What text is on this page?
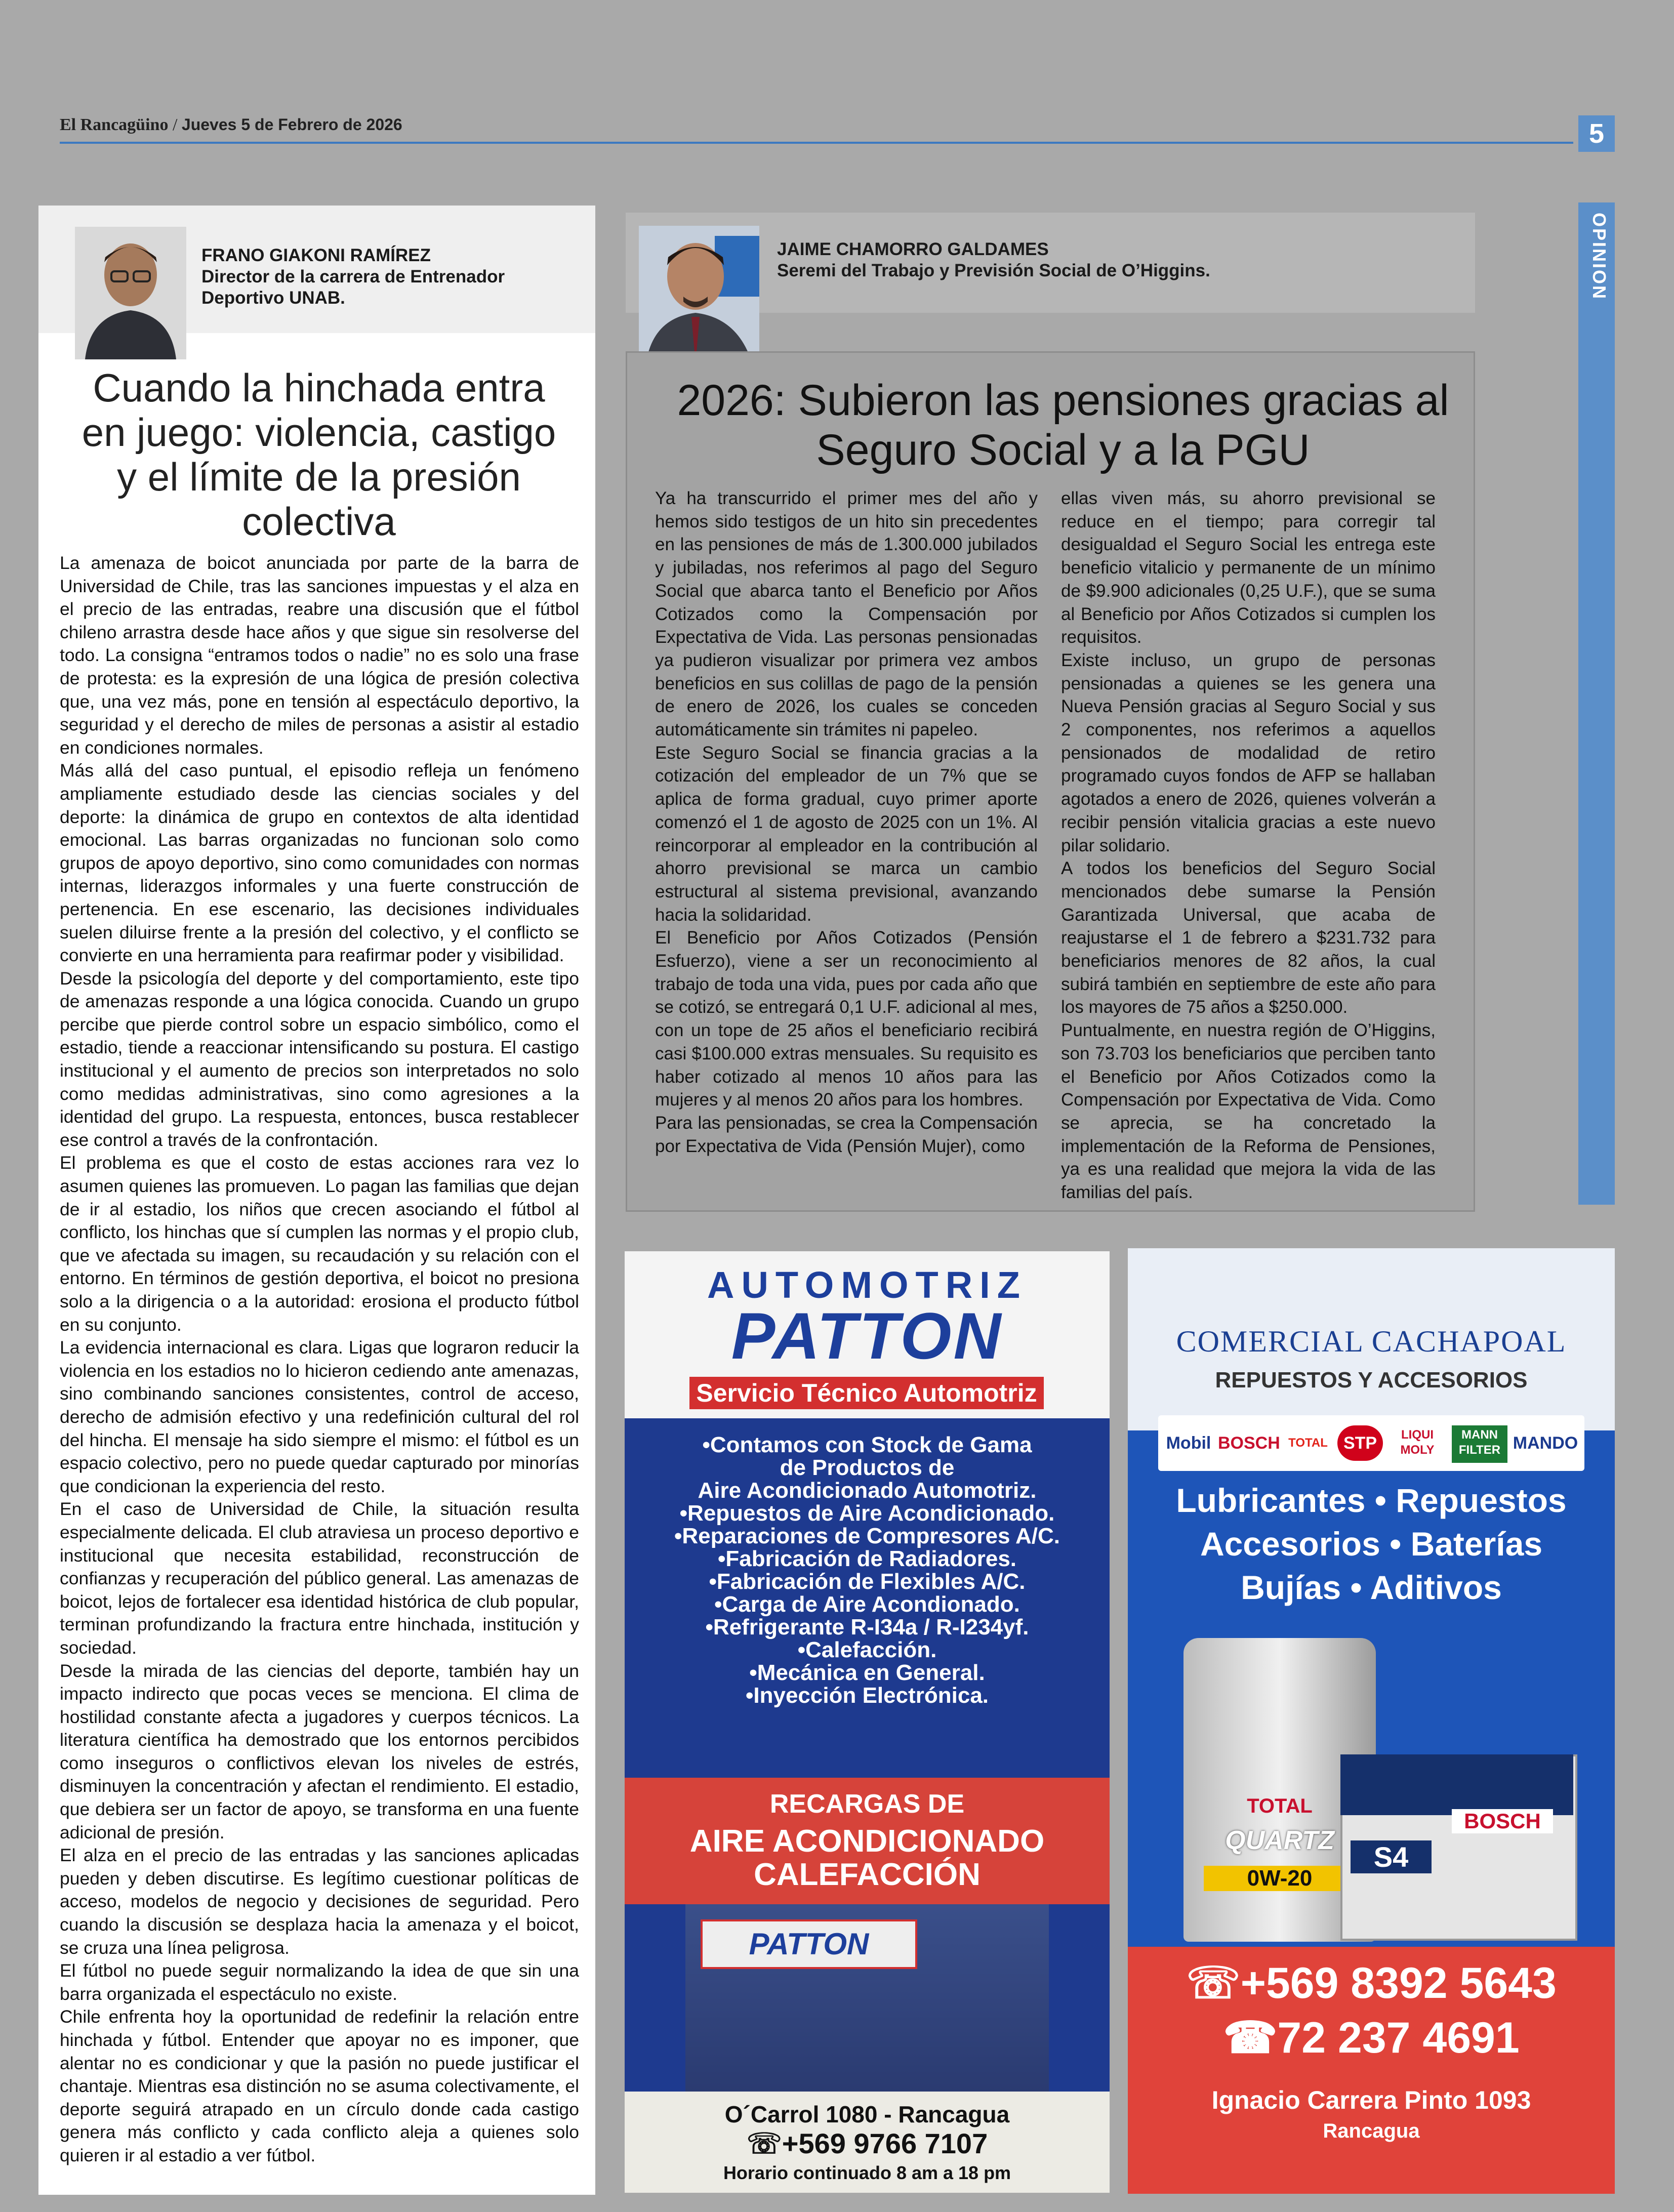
El Rancagüino / Jueves 5 de Febrero de 2026	5
OPINION
FRANO GIAKONI RAMÍREZ
Director de la carrera de Entrenador Deportivo UNAB.
Cuando la hinchada entra en juego: violencia, castigo y el límite de la presión colectiva

La amenaza de boicot anunciada por parte de la barra de Universidad de Chile, tras las sanciones impuestas y el alza en el precio de las entradas, reabre una discusión que el fútbol chileno arrastra desde hace años y que sigue sin resolverse del todo. La consigna “entramos todos o nadie” no es solo una frase de protesta: es la expresión de una lógica de presión colectiva que, una vez más, pone en tensión al espectáculo deportivo, la seguridad y el derecho de miles de personas a asistir al estadio en condiciones normales.

Más allá del caso puntual, el episodio refleja un fenómeno ampliamente estudiado desde las ciencias sociales y del deporte: la dinámica de grupo en contextos de alta identidad emocional. Las barras organizadas no funcionan solo como grupos de apoyo deportivo, sino como comunidades con normas internas, liderazgos informales y una fuerte construcción de pertenencia. En ese escenario, las decisiones individuales suelen diluirse frente a la presión del colectivo, y el conflicto se convierte en una herramienta para reafirmar poder y visibilidad.

Desde la psicología del deporte y del comportamiento, este tipo de amenazas responde a una lógica conocida. Cuando un grupo percibe que pierde control sobre un espacio simbólico, como el estadio, tiende a reaccionar intensificando su postura. El castigo institucional y el aumento de precios son interpretados no solo como medidas administrativas, sino como agresiones a la identidad del grupo. La respuesta, entonces, busca restablecer ese control a través de la confrontación.

El problema es que el costo de estas acciones rara vez lo asumen quienes las promueven. Lo pagan las familias que dejan de ir al estadio, los niños que crecen asociando el fútbol al conflicto, los hinchas que sí cumplen las normas y el propio club, que ve afectada su imagen, su recaudación y su relación con el entorno. En términos de gestión deportiva, el boicot no presiona solo a la dirigencia o a la autoridad: erosiona el producto fútbol en su conjunto.

La evidencia internacional es clara. Ligas que lograron reducir la violencia en los estadios no lo hicieron cediendo ante amenazas, sino combinando sanciones consistentes, control de acceso, derecho de admisión efectivo y una redefinición cultural del rol del hincha. El mensaje ha sido siempre el mismo: el fútbol es un espacio colectivo, pero no puede quedar capturado por minorías que condicionan la experiencia del resto.

En el caso de Universidad de Chile, la situación resulta especialmente delicada. El club atraviesa un proceso deportivo e institucional que necesita estabilidad, reconstrucción de confianzas y recuperación del público general. Las amenazas de boicot, lejos de fortalecer esa identidad histórica de club popular, terminan profundizando la fractura entre hinchada, institución y sociedad.

Desde la mirada de las ciencias del deporte, también hay un impacto indirecto que pocas veces se menciona. El clima de hostilidad constante afecta a jugadores y cuerpos técnicos. La literatura científica ha demostrado que los entornos percibidos como inseguros o conflictivos elevan los niveles de estrés, disminuyen la concentración y afectan el rendimiento. El estadio, que debiera ser un factor de apoyo, se transforma en una fuente adicional de presión.

El alza en el precio de las entradas y las sanciones aplicadas pueden y deben discutirse. Es legítimo cuestionar políticas de acceso, modelos de negocio y decisiones de seguridad. Pero cuando la discusión se desplaza hacia la amenaza y el boicot, se cruza una línea peligrosa.

El fútbol no puede seguir normalizando la idea de que sin una barra organizada el espectáculo no existe.

Chile enfrenta hoy la oportunidad de redefinir la relación entre hinchada y fútbol. Entender que apoyar no es imponer, que alentar no es condicionar y que la pasión no puede justificar el chantaje. Mientras esa distinción no se asuma colectivamente, el deporte seguirá atrapado en un círculo donde cada castigo genera más conflicto y cada conflicto aleja a quienes solo quieren ir al estadio a ver fútbol.

JAIME CHAMORRO GALDAMES
Seremi del Trabajo y Previsión Social de O’Higgins.
2026: Subieron las pensiones gracias al Seguro Social y a la PGU

Ya ha transcurrido el primer mes del año y hemos sido testigos de un hito sin precedentes en las pensiones de más de 1.300.000 jubilados y jubiladas, nos referimos al pago del Seguro Social que abarca tanto el Beneficio por Años Cotizados como la Compensación por Expectativa de Vida. Las personas pensionadas ya pudieron visualizar por primera vez ambos beneficios en sus colillas de pago de la pensión de enero de 2026, los cuales se conceden automáticamente sin trámites ni papeleo.

Este Seguro Social se financia gracias a la cotización del empleador de un 7% que se aplica de forma gradual, cuyo primer aporte comenzó el 1 de agosto de 2025 con un 1%. Al reincorporar al empleador en la contribución al ahorro previsional se marca un cambio estructural al sistema previsional, avanzando hacia la solidaridad.

El Beneficio por Años Cotizados (Pensión Esfuerzo), viene a ser un reconocimiento al trabajo de toda una vida, pues por cada año que se cotizó, se entregará 0,1 U.F. adicional al mes, con un tope de 25 años el beneficiario recibirá casi $100.000 extras mensuales. Su requisito es haber cotizado al menos 10 años para las mujeres y al menos 20 años para los hombres.

Para las pensionadas, se crea la Compensación por Expectativa de Vida (Pensión Mujer), como

ellas viven más, su ahorro previsional se reduce en el tiempo; para corregir tal desigualdad el Seguro Social les entrega este beneficio vitalicio y permanente de un mínimo de $9.900 adicionales (0,25 U.F.), que se suma al Beneficio por Años Cotizados si cumplen los requisitos.

Existe incluso, un grupo de personas pensionadas a quienes se les genera una Nueva Pensión gracias al Seguro Social y sus 2 componentes, nos referimos a aquellos pensionados de modalidad de retiro programado cuyos fondos de AFP se hallaban agotados a enero de 2026, quienes volverán a recibir pensión vitalicia gracias a este nuevo pilar solidario.

A todos los beneficios del Seguro Social mencionados debe sumarse la Pensión Garantizada Universal, que acaba de reajustarse el 1 de febrero a $231.732 para beneficiarios menores de 82 años, la cual subirá también en septiembre de este año para los mayores de 75 años a $250.000.

Puntualmente, en nuestra región de O’Higgins, son 73.703 los beneficiarios que perciben tanto el Beneficio por Años Cotizados como la Compensación por Expectativa de Vida. Como se aprecia, se ha concretado la implementación de la Reforma de Pensiones, ya es una realidad que mejora la vida de las familias del país.

AUTOMOTRIZ
PATTON
Servicio Técnico Automotriz
•Contamos con Stock de Gama
de Productos de
Aire Acondicionado Automotriz.
•Repuestos de Aire Acondicionado.
•Reparaciones de Compresores A/C.
•Fabricación de Radiadores.
•Fabricación de Flexibles A/C.
•Carga de Aire Acondionado.
•Refrigerante R-I34a / R-I234yf.
•Calefacción.
•Mecánica en General.
•Inyección Electrónica.
RECARGAS DE
AIRE ACONDICIONADO
CALEFACCIÓN
PATTON
O´Carrol 1080 - Rancagua
☏+569 9766 7107
Horario continuado 8 am a 18 pm
COMERCIAL CACHAPOAL
REPUESTOS Y ACCESORIOS
Mobil BOSCH TOTAL STP	LIQUI MOLY
MANN FILTER MANDO
Lubricantes • Repuestos
Accesorios • Baterías
Bujías • Aditivos
TOTAL
QUARTZ
0W-20
BOSCH
S4
☏+569 8392 5643
☎72 237 4691
Ignacio Carrera Pinto 1093
Rancagua
